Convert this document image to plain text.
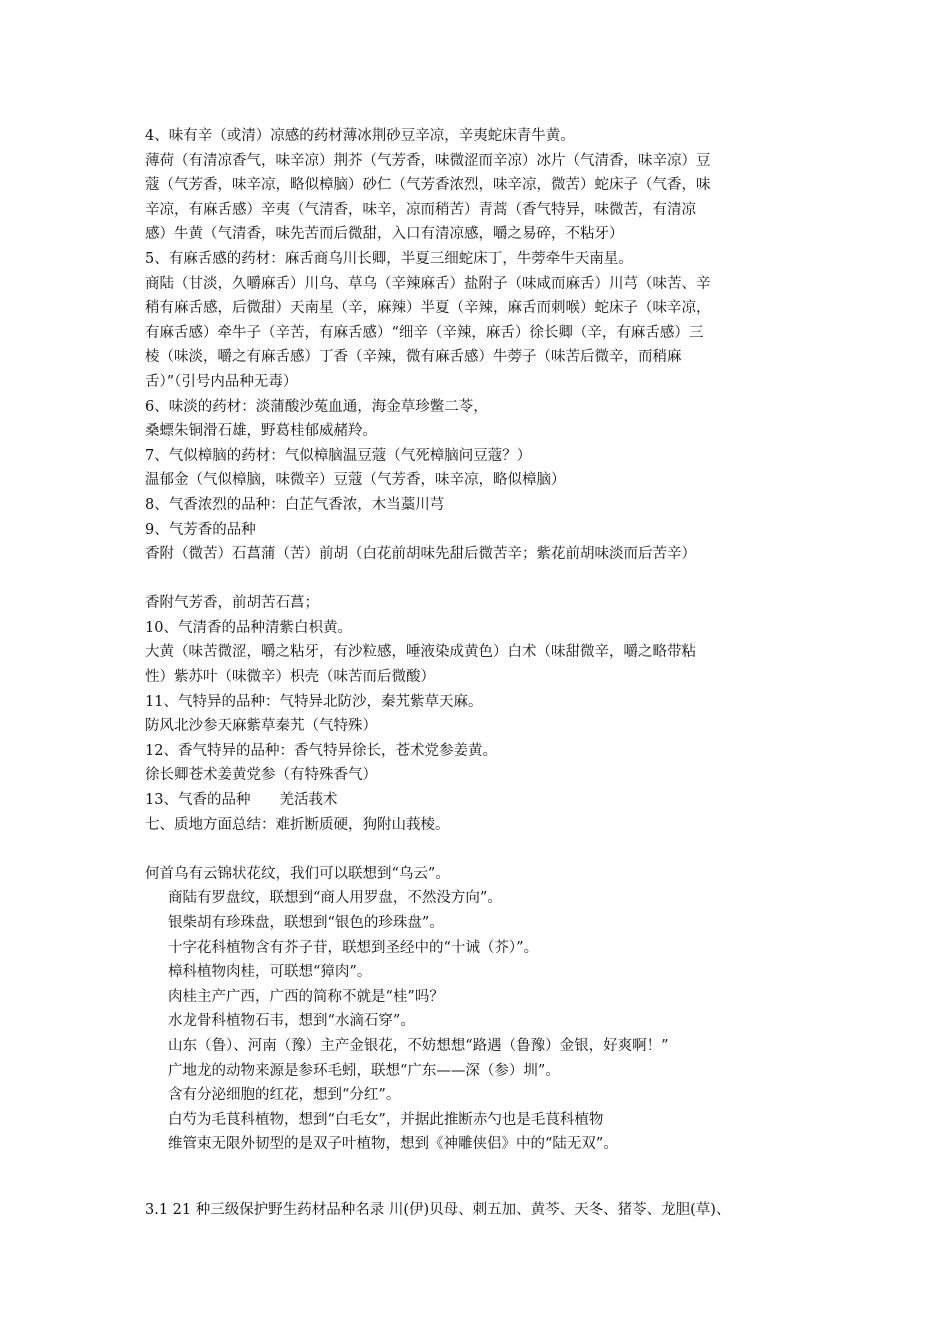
4、味有辛（或清）凉感的药材薄冰荆砂豆辛凉，辛夷蛇床青牛黄。
薄荷（有清凉香气，味辛凉）荆芥（气芳香，味微涩而辛凉）冰片（气清香，味辛凉）豆
蔻（气芳香，味辛凉，略似樟脑）砂仁（气芳香浓烈，味辛凉，微苦）蛇床子（气香，味
辛凉，有麻舌感）辛夷（气清香，味辛，凉而稍苦）青蒿（香气特异，味微苦，有清凉
感）牛黄（气清香，味先苦而后微甜，入口有清凉感，嚼之易碎，不粘牙）
5、有麻舌感的药材：麻舌商乌川长卿，半夏三细蛇床丁，牛蒡牵牛天南星。
商陆（甘淡，久嚼麻舌）川乌、草乌（辛辣麻舌）盐附子（味咸而麻舌）川芎（味苦、辛
稍有麻舌感，后微甜）天南星（辛，麻辣）半夏（辛辣，麻舌而刺喉）蛇床子（味辛凉，
有麻舌感）牵牛子（辛苦，有麻舌感）“细辛（辛辣，麻舌）徐长卿（辛，有麻舌感）三
棱（味淡，嚼之有麻舌感）丁香（辛辣，微有麻舌感）牛蒡子（味苦后微辛，而稍麻
舌）”（引号内品种无毒）
6、味淡的药材：淡蒲酸沙菟血通，海金草珍鳖二苓，
桑螵朱铜滑石雄，野葛桂郁威赭羚。
7、气似樟脑的药材：气似樟脑温豆蔻（气死樟脑问豆蔻？）
温郁金（气似樟脑，味微辛）豆蔻（气芳香，味辛凉，略似樟脑）
8、气香浓烈的品种：白芷气香浓，木当藁川芎
9、气芳香的品种
香附（微苦）石菖蒲（苦）前胡（白花前胡味先甜后微苦辛；紫花前胡味淡而后苦辛）
香附气芳香，前胡苦石菖；
10、气清香的品种清紫白枳黄。
大黄（味苦微涩，嚼之粘牙，有沙粒感，唾液染成黄色）白术（味甜微辛，嚼之略带粘
性）紫苏叶（味微辛）枳壳（味苦而后微酸）
11、气特异的品种：气特异北防沙，秦艽紫草天麻。
防风北沙参天麻紫草秦艽（气特殊）
12、香气特异的品种：香气特异徐长，苍术党参姜黄。
徐长卿苍术姜黄党参（有特殊香气）
13、气香的品种　　羌活莪术
七、质地方面总结：难折断质硬，狗附山莪棱。
何首乌有云锦状花纹，我们可以联想到“乌云”。
商陆有罗盘纹，联想到“商人用罗盘，不然没方向”。
银柴胡有珍珠盘，联想到“银色的珍珠盘”。
十字花科植物含有芥子苷，联想到圣经中的“十诫（芥）”。
樟科植物肉桂，可联想“獐肉”。
肉桂主产广西，广西的简称不就是“桂”吗？
水龙骨科植物石韦，想到“水滴石穿”。
山东（鲁）、河南（豫）主产金银花，不妨想想“路遇（鲁豫）金银，好爽啊！”
广地龙的动物来源是参环毛蚓，联想“广东——深（参）圳”。
含有分泌细胞的红花，想到“分红”。
白芍为毛茛科植物，想到“白毛女”，并据此推断赤勺也是毛茛科植物
维管束无限外韧型的是双子叶植物，想到《神雕侠侣》中的“陆无双”。
3.1 21 种三级保护野生药材品种名录 川(伊)贝母、刺五加、黄芩、天冬、猪苓、龙胆(草)、
